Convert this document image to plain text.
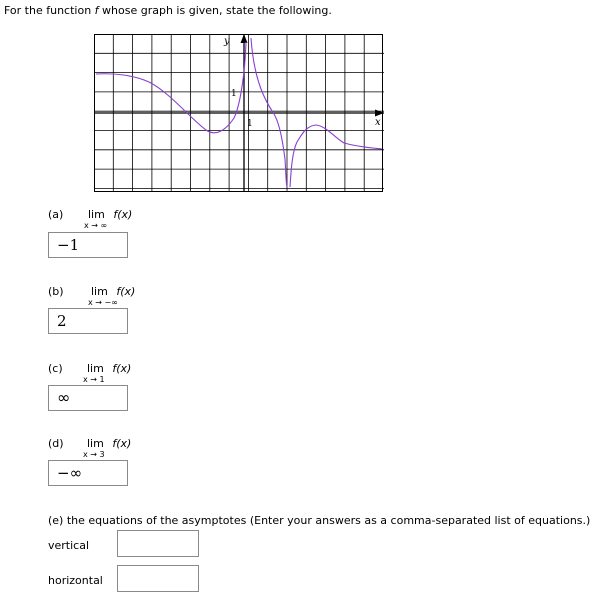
For the function f whose graph is given, state the following.
y
x
1
1
(a) lim f(x)
x → ∞
−1
(b) lim f(x)
x → −∞
2
(c) lim f(x)
x → 1
∞
(d) lim f(x)
x → 3
−∞
(e) the equations of the asymptotes (Enter your answers as a comma-separated list of equations.)
vertical
horizontal
